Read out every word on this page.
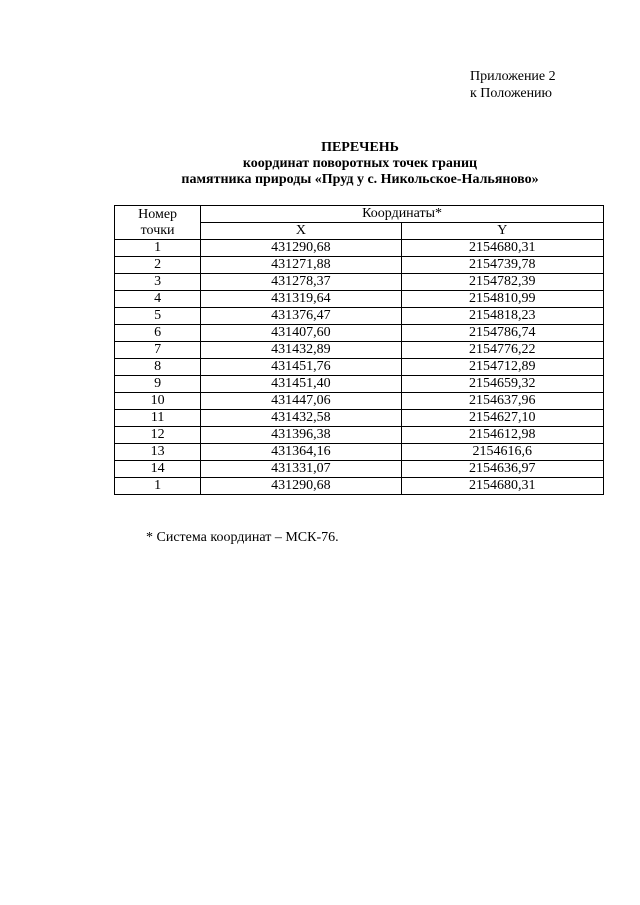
Приложение 2
к Положению
ПЕРЕЧЕНЬ
координат поворотных точек границ
памятника природы «Пруд у с. Никольское-Нальяново»
Номер
точки	Координаты*	
	X	Y
1	431290,68	2154680,31
2	431271,88	2154739,78
3	431278,37	2154782,39
4	431319,64	2154810,99
5	431376,47	2154818,23
6	431407,60	2154786,74
7	431432,89	2154776,22
8	431451,76	2154712,89
9	431451,40	2154659,32
10	431447,06	2154637,96
11	431432,58	2154627,10
12	431396,38	2154612,98
13	431364,16	2154616,6
14	431331,07	2154636,97
1	431290,68	2154680,31
* Система координат – МСК-76.
